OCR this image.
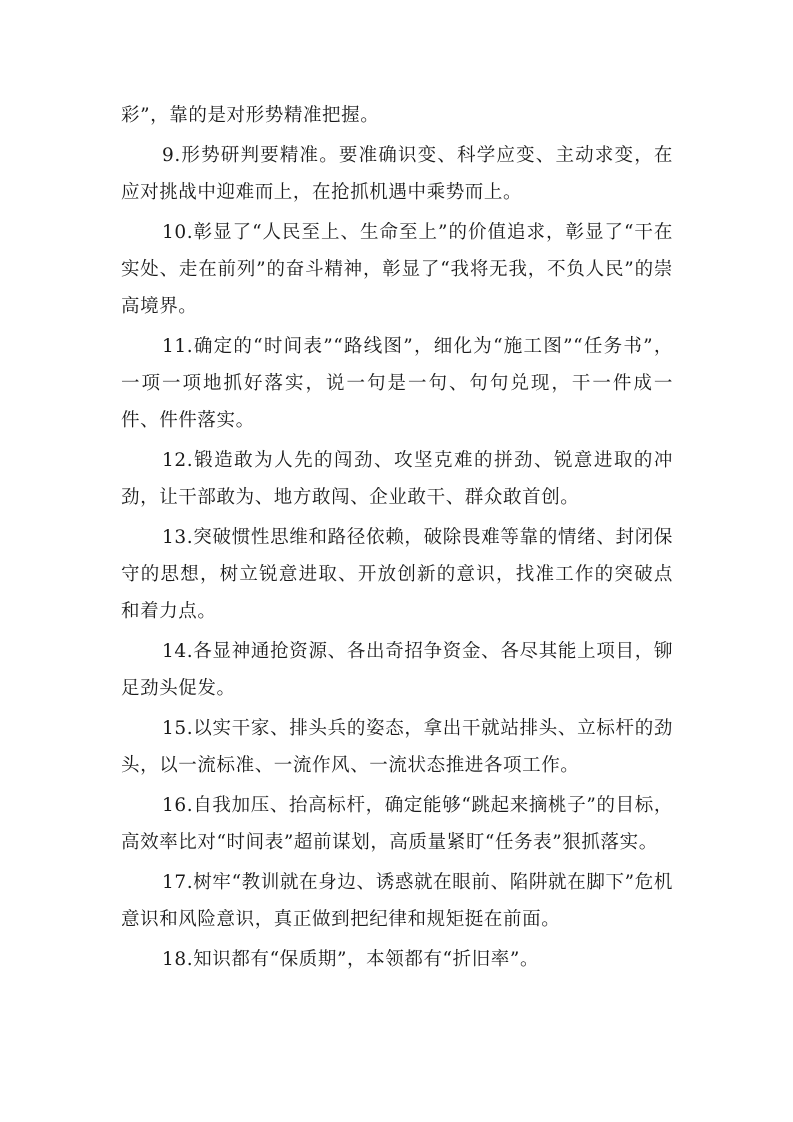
彩”，靠的是对形势精准把握。

9.形势研判要精准。要准确识变、科学应变、主动求变，在应对挑战中迎难而上，在抢抓机遇中乘势而上。

10.彰显了“人民至上、生命至上”的价值追求，彰显了“干在实处、走在前列”的奋斗精神，彰显了“我将无我，不负人民”的崇高境界。

11.确定的“时间表”“路线图”，细化为“施工图”“任务书”，一项一项地抓好落实，说一句是一句、句句兑现，干一件成一件、件件落实。

12.锻造敢为人先的闯劲、攻坚克难的拼劲、锐意进取的冲劲，让干部敢为、地方敢闯、企业敢干、群众敢首创。

13.突破惯性思维和路径依赖，破除畏难等靠的情绪、封闭保守的思想，树立锐意进取、开放创新的意识，找准工作的突破点和着力点。

14.各显神通抢资源、各出奇招争资金、各尽其能上项目，铆足劲头促发。

15.以实干家、排头兵的姿态，拿出干就站排头、立标杆的劲头，以一流标准、一流作风、一流状态推进各项工作。

16.自我加压、抬高标杆，确定能够“跳起来摘桃子”的目标，高效率比对“时间表”超前谋划，高质量紧盯“任务表”狠抓落实。

17.树牢“教训就在身边、诱惑就在眼前、陷阱就在脚下”危机意识和风险意识，真正做到把纪律和规矩挺在前面。

18.知识都有“保质期”，本领都有“折旧率”。
